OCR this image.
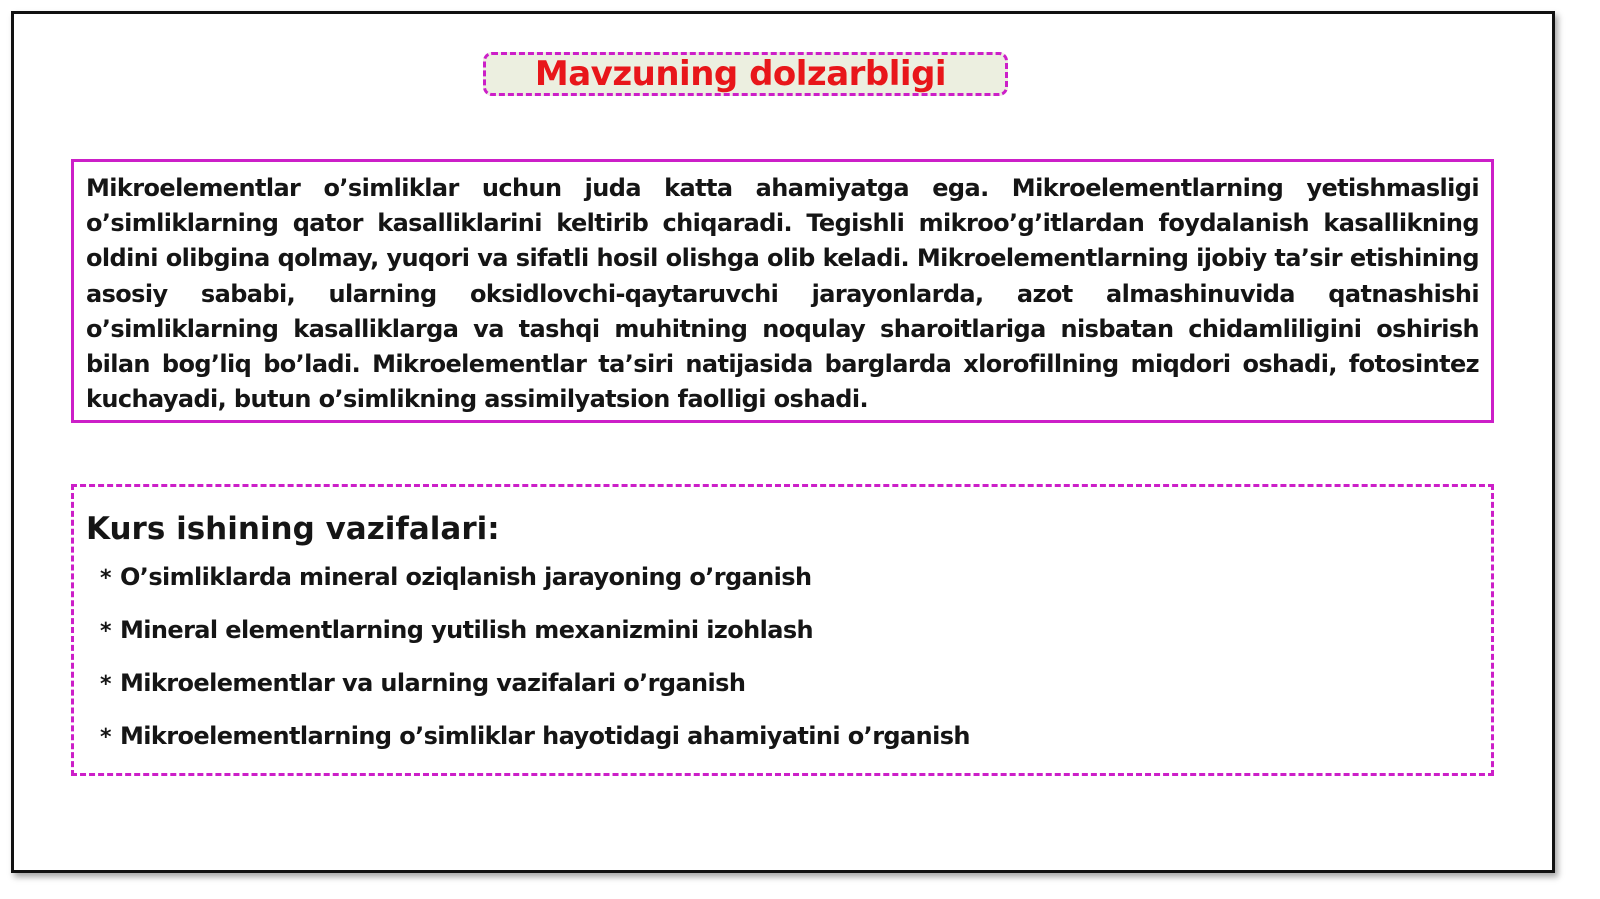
Mavzuning dolzarbligi

Mikroelementlar o’simliklar uchun juda katta ahamiyatga ega. Mikroelementlarning yetishmasligi o’simliklarning qator kasalliklarini keltirib chiqaradi. Tegishli mikroo’g’itlardan foydalanish kasallikning oldini olibgina qolmay, yuqori va sifatli hosil olishga olib keladi. Mikroelementlarning ijobiy ta’sir etishining asosiy sababi, ularning oksidlovchi-qaytaruvchi jarayonlarda, azot almashinuvida qatnashishi o’simliklarning kasalliklarga va tashqi muhitning noqulay sharoitlariga nisbatan chidamliligini oshirish bilan bog’liq bo’ladi. Mikroelementlar ta’siri natijasida barglarda xlorofillning miqdori oshadi, fotosintez kuchayadi, butun o’simlikning assimilyatsion faolligi oshadi.

Kurs ishining vazifalari:
* O’simliklarda mineral oziqlanish jarayoning o’rganish
* Mineral elementlarning yutilish mexanizmini izohlash
* Mikroelementlar va ularning vazifalari o’rganish
* Mikroelementlarning o’simliklar hayotidagi ahamiyatini o’rganish
